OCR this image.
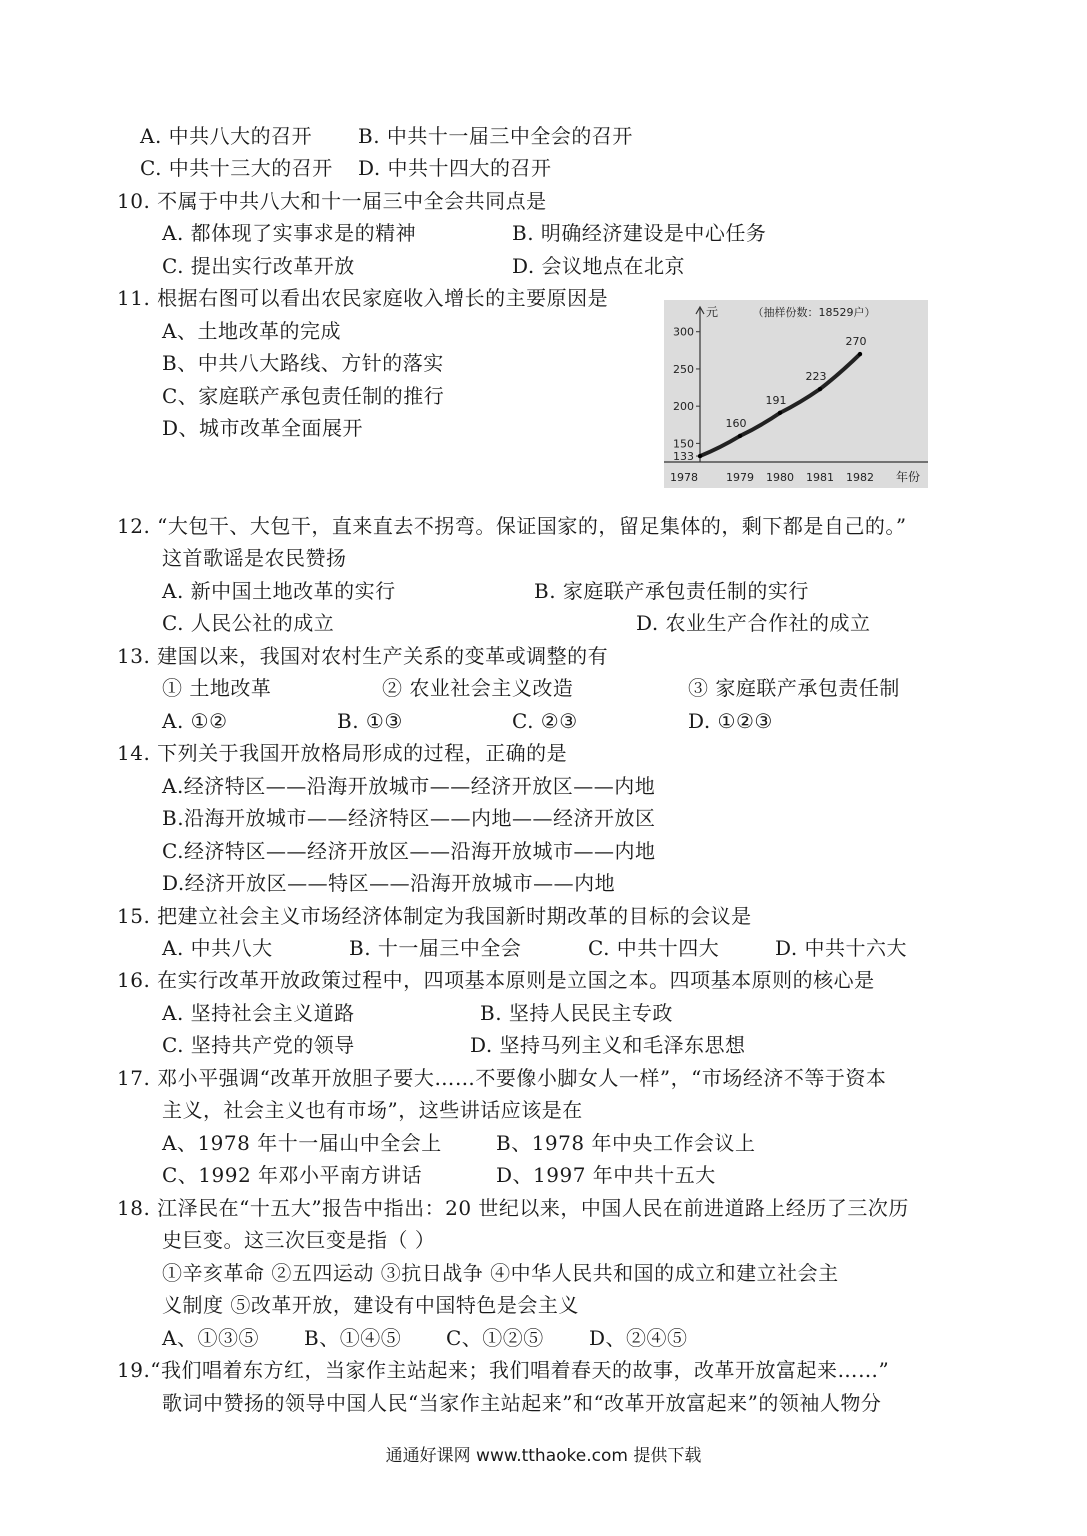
A. 中共八大的召开 B. 中共十一届三中全会的召开
C. 中共十三大的召开 D. 中共十四大的召开
10. 不属于中共八大和十一届三中全会共同点是
A. 都体现了实事求是的精神	B. 明确经济建设是中心任务
C. 提出实行改革开放	D. 会议地点在北京
11. 根据右图可以看出农民家庭收入增长的主要原因是
A、土地改革的完成
B、中共八大路线、方针的落实
C、家庭联产承包责任制的推行
D、城市改革全面展开
133
150
200
250
300
1978	1979 1980 1981 1982
160
191
223
270
（抽样份数：18529户）
元
年份
12. “大包干、大包干，直来直去不拐弯。保证国家的，留足集体的，剩下都是自己的。”
这首歌谣是农民赞扬
A. 新中国土地改革的实行	B. 家庭联产承包责任制的实行
C. 人民公社的成立	D. 农业生产合作社的成立
13. 建国以来，我国对农村生产关系的变革或调整的有
① 土地改革	② 农业社会主义改造	③ 家庭联产承包责任制
A. ①②	B. ①③	C. ②③	D. ①②③
14. 下列关于我国开放格局形成的过程，正确的是
A.经济特区——沿海开放城市——经济开放区——内地
B.沿海开放城市——经济特区——内地——经济开放区
C.经济特区——经济开放区——沿海开放城市——内地
D.经济开放区——特区——沿海开放城市——内地
15. 把建立社会主义市场经济体制定为我国新时期改革的目标的会议是
A. 中共八大	B. 十一届三中全会	C. 中共十四大	D. 中共十六大
16. 在实行改革开放政策过程中，四项基本原则是立国之本。四项基本原则的核心是
A. 坚持社会主义道路	B. 坚持人民民主专政
C. 坚持共产党的领导	D. 坚持马列主义和毛泽东思想
17. 邓小平强调“改革开放胆子要大……不要像小脚女人一样”，“市场经济不等于资本
主义，社会主义也有市场”，这些讲话应该是在
A、1978 年十一届山中全会上	B、1978 年中央工作会议上
C、1992 年邓小平南方讲话	D、1997 年中共十五大
18. 江泽民在“十五大”报告中指出：20 世纪以来，中国人民在前进道路上经历了三次历
史巨变。这三次巨变是指（ ）
①辛亥革命 ②五四运动 ③抗日战争 ④中华人民共和国的成立和建立社会主
义制度 ⑤改革开放，建设有中国特色是会主义
A、①③⑤ B、①④⑤ C、①②⑤ D、②④⑤
19.“我们唱着东方红，当家作主站起来；我们唱着春天的故事，改革开放富起来……”
歌词中赞扬的领导中国人民“当家作主站起来”和“改革开放富起来”的领袖人物分
通通好课网 www.tthaoke.com 提供下载
